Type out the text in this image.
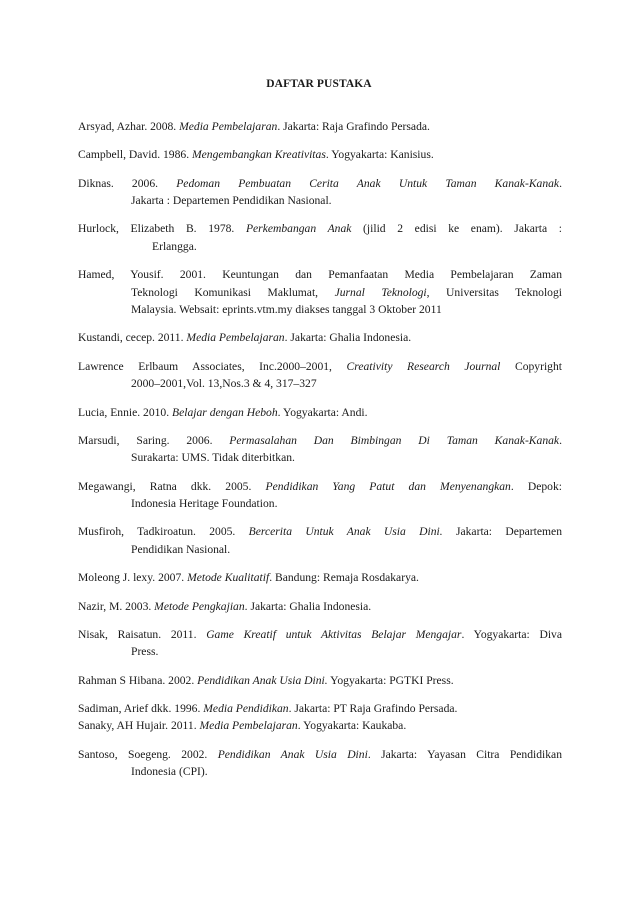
DAFTAR PUSTAKA
Arsyad, Azhar. 2008. Media Pembelajaran. Jakarta: Raja Grafindo Persada.
Campbell, David. 1986. Mengembangkan Kreativitas. Yogyakarta: Kanisius.
Diknas. 2006. Pedoman Pembuatan Cerita Anak Untuk Taman Kanak-Kanak.
Jakarta : Departemen Pendidikan Nasional.
Hurlock, Elizabeth B. 1978. Perkembangan Anak (jilid 2 edisi ke enam). Jakarta :
Erlangga.
Hamed, Yousif. 2001. Keuntungan dan Pemanfaatan Media Pembelajaran Zaman
Teknologi Komunikasi Maklumat, Jurnal Teknologi, Universitas Teknologi
Malaysia. Websait: eprints.vtm.my diakses tanggal 3 Oktober 2011
Kustandi, cecep. 2011. Media Pembelajaran. Jakarta: Ghalia Indonesia.
Lawrence Erlbaum Associates, Inc.2000–2001, Creativity Research Journal Copyright
2000–2001,Vol. 13,Nos.3 & 4, 317–327
Lucia, Ennie. 2010. Belajar dengan Heboh. Yogyakarta: Andi.
Marsudi, Saring. 2006. Permasalahan Dan Bimbingan Di Taman Kanak-Kanak.
Surakarta: UMS. Tidak diterbitkan.
Megawangi, Ratna dkk. 2005. Pendidikan Yang Patut dan Menyenangkan. Depok:
Indonesia Heritage Foundation.
Musfiroh, Tadkiroatun. 2005. Bercerita Untuk Anak Usia Dini. Jakarta: Departemen
Pendidikan Nasional.
Moleong J. lexy. 2007. Metode Kualitatif. Bandung: Remaja Rosdakarya.
Nazir, M. 2003. Metode Pengkajian. Jakarta: Ghalia Indonesia.
Nisak, Raisatun. 2011. Game Kreatif untuk Aktivitas Belajar Mengajar. Yogyakarta: Diva
Press.
Rahman S Hibana. 2002. Pendidikan Anak Usia Dini. Yogyakarta: PGTKI Press.
Sadiman, Arief dkk. 1996. Media Pendidikan. Jakarta: PT Raja Grafindo Persada.
Sanaky, AH Hujair. 2011. Media Pembelajaran. Yogyakarta: Kaukaba.
Santoso, Soegeng. 2002. Pendidikan Anak Usia Dini. Jakarta: Yayasan Citra Pendidikan
Indonesia (CPI).
